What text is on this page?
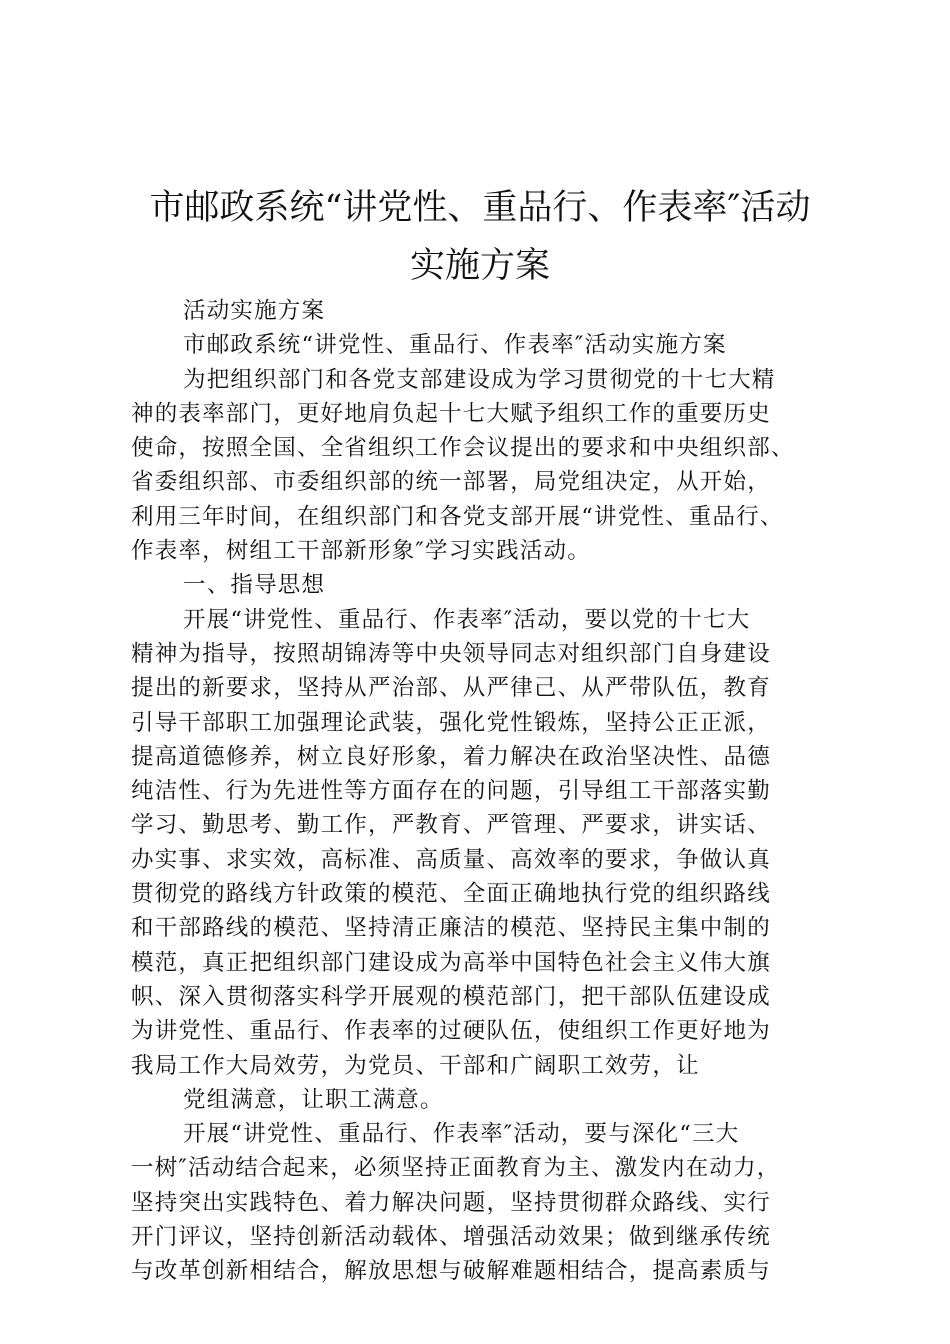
市邮政系统“讲党性、重品行、作表率″活动
实施方案
活动实施方案
市邮政系统“讲党性、重品行、作表率″活动实施方案
为把组织部门和各党支部建设成为学习贯彻党的十七大精
神的表率部门，更好地肩负起十七大赋予组织工作的重要历史
使命，按照全国、全省组织工作会议提出的要求和中央组织部、
省委组织部、市委组织部的统一部署，局党组决定，从开始，
利用三年时间，在组织部门和各党支部开展“讲党性、重品行、
作表率，树组工干部新形象″学习实践活动。
一、指导思想
开展“讲党性、重品行、作表率″活动，要以党的十七大
精神为指导，按照胡锦涛等中央领导同志对组织部门自身建设
提出的新要求，坚持从严治部、从严律己、从严带队伍，教育
引导干部职工加强理论武装，强化党性锻炼，坚持公正正派，
提高道德修养，树立良好形象，着力解决在政治坚决性、品德
纯洁性、行为先进性等方面存在的问题，引导组工干部落实勤
学习、勤思考、勤工作，严教育、严管理、严要求，讲实话、
办实事、求实效，高标准、高质量、高效率的要求，争做认真
贯彻党的路线方针政策的模范、全面正确地执行党的组织路线
和干部路线的模范、坚持清正廉洁的模范、坚持民主集中制的
模范，真正把组织部门建设成为高举中国特色社会主义伟大旗
帜、深入贯彻落实科学开展观的模范部门，把干部队伍建设成
为讲党性、重品行、作表率的过硬队伍，使组织工作更好地为
我局工作大局效劳，为党员、干部和广阔职工效劳，让
党组满意，让职工满意。
开展“讲党性、重品行、作表率″活动，要与深化“三大
一树″活动结合起来，必须坚持正面教育为主、激发内在动力，
坚持突出实践特色、着力解决问题，坚持贯彻群众路线、实行
开门评议，坚持创新活动载体、增强活动效果；做到继承传统
与改革创新相结合，解放思想与破解难题相结合，提高素质与
